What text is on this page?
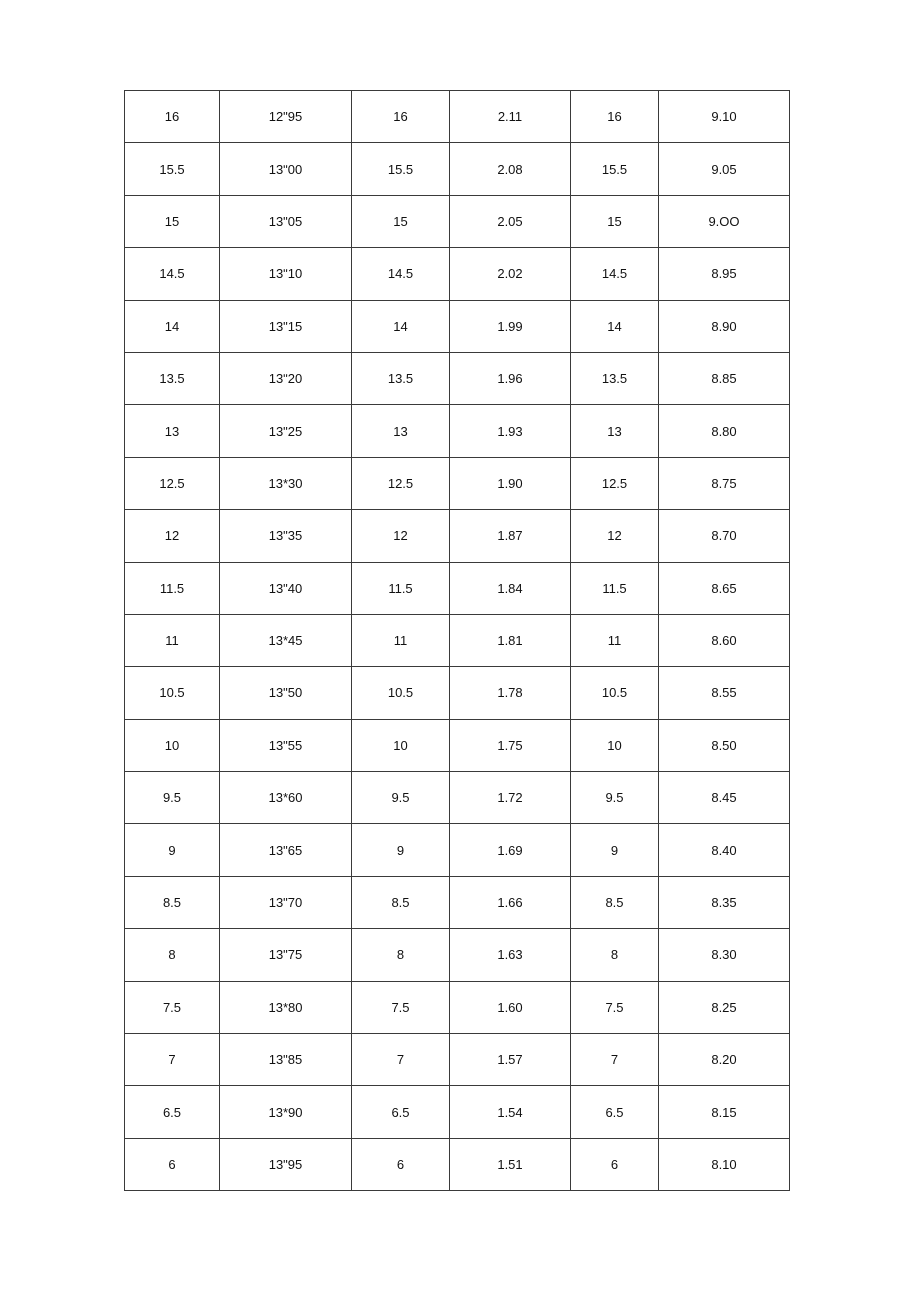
16	12"95	16	2.11	16	9.10
15.5	13ʺ00	15.5	2.08	15.5	9.05
15	13"05	15	2.05	15	9.OO
14.5	13ʺ10	14.5	2.02	14.5	8.95
14	13"15	14	1.99	14	8.90
13.5	13ʺ20	13.5	1.96	13.5	8.85
13	13"25	13	1.93	13	8.80
12.5	13*30	12.5	1.90	12.5	8.75
12	13"35	12	1.87	12	8.70
11.5	13"40	11.5	1.84	11.5	8.65
11	13*45	11	1.81	11	8.60
10.5	13"50	10.5	1.78	10.5	8.55
10	13"55	10	1.75	10	8.50
9.5	13*60	9.5	1.72	9.5	8.45
9	13"65	9	1.69	9	8.40
8.5	13"70	8.5	1.66	8.5	8.35
8	13"75	8	1.63	8	8.30
7.5	13*80	7.5	1.60	7.5	8.25
7	13"85	7	1.57	7	8.20
6.5	13*90	6.5	1.54	6.5	8.15
6	13"95	6	1.51	6	8.10
